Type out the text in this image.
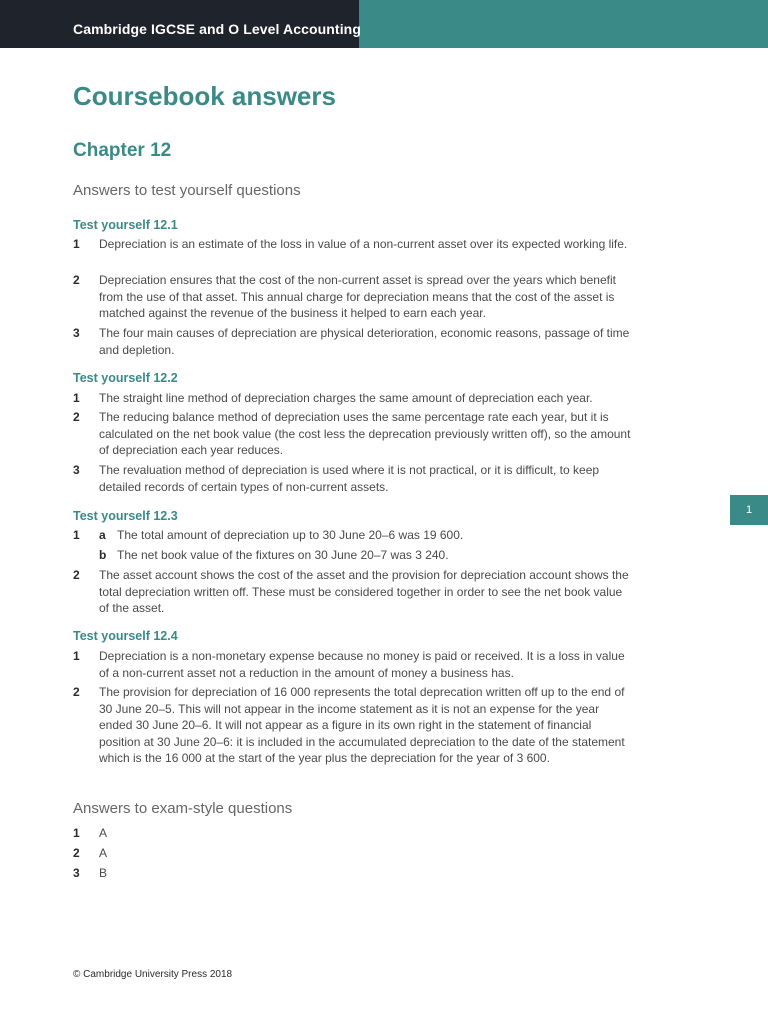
Cambridge IGCSE and O Level Accounting
Coursebook answers
Chapter 12
Answers to test yourself questions
Test yourself 12.1
1 Depreciation is an estimate of the loss in value of a non-current asset over its expected working life.
2 Depreciation ensures that the cost of the non-current asset is spread over the years which benefit from the use of that asset. This annual charge for depreciation means that the cost of the asset is matched against the revenue of the business it helped to earn each year.
3 The four main causes of depreciation are physical deterioration, economic reasons, passage of time and depletion.
Test yourself 12.2
1 The straight line method of depreciation charges the same amount of depreciation each year.
2 The reducing balance method of depreciation uses the same percentage rate each year, but it is calculated on the net book value (the cost less the deprecation previously written off), so the amount of depreciation each year reduces.
3 The revaluation method of depreciation is used where it is not practical, or it is difficult, to keep detailed records of certain types of non-current assets.
Test yourself 12.3
1 a The total amount of depreciation up to 30 June 20–6 was 19 600.
b The net book value of the fixtures on 30 June 20–7 was 3 240.
2 The asset account shows the cost of the asset and the provision for depreciation account shows the total depreciation written off. These must be considered together in order to see the net book value of the asset.
Test yourself 12.4
1 Depreciation is a non-monetary expense because no money is paid or received. It is a loss in value of a non-current asset not a reduction in the amount of money a business has.
2 The provision for depreciation of 16 000 represents the total deprecation written off up to the end of 30 June 20–5. This will not appear in the income statement as it is not an expense for the year ended 30 June 20–6. It will not appear as a figure in its own right in the statement of financial position at 30 June 20–6: it is included in the accumulated depreciation to the date of the statement which is the 16 000 at the start of the year plus the depreciation for the year of 3 600.
Answers to exam-style questions
1 A
2 A
3 B
1
© Cambridge University Press 2018
